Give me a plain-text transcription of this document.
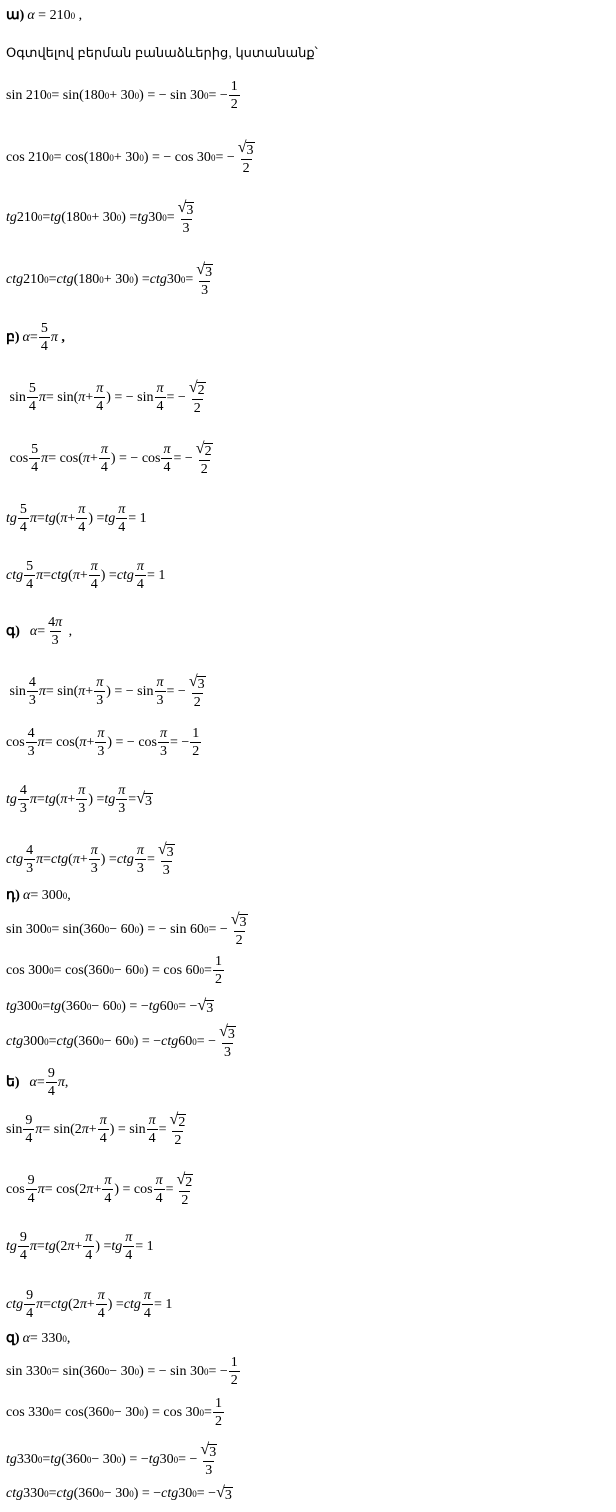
ա) α = 210 0 ,
Օգտվելով բերման բանաձևերից, կստանանք՝
sin 210 0 = sin(180 0 + 30 0 ) = − sin 30 0 = − $\frac{1}{2}$
cos 210 0 = cos(180 0 + 30 0 ) = − cos 30 0 = − $\frac{√ 3}{2}$
tg 210 0 = tg (180 0 + 30 0 ) = tg 30 $0 = \frac{√ 3}{3}$
ctg 210 0 = ctg (180 0 + 30 0 ) = ctg 30 $0 = \frac{√ 3}{3}$
բ) $\alpha = \frac{5}{4}$ π
,
$\sin \frac{5}{4}$ π = sin( $\pi + \frac{\pi}{4}$ ) = − $\sin \frac{\pi}{4}$ = − $\frac{√ 2}{2}$
$\cos \frac{5}{4}$ π = cos( $\pi + \frac{\pi}{4}$ ) = − $\cos \frac{\pi}{4}$ = − $\frac{√ 2}{2}$
tg $\frac{5}{4}$ π = tg ( $\pi + \frac{\pi}{4}$ ) = tg $\frac{\pi}{4} = 1$
ctg $\frac{5}{4}$ π = ctg ( $\pi + \frac{\pi}{4}$ ) = ctg $\frac{\pi}{4} = 1$
գ)
$\alpha = \frac{4\pi}{3}$ ,
$\sin \frac{4}{3}$ π = sin( $\pi + \frac{\pi}{3}$ ) = − $\sin \frac{\pi}{3}$ = − $\frac{√ 3}{2}$
$\cos \frac{4}{3}$ π = cos( $\pi + \frac{\pi}{3}$ ) = − $\cos \frac{\pi}{3}$ = − $\frac{1}{2}$
tg $\frac{4}{3}$ π = tg ( $\pi + \frac{\pi}{3}$ ) = tg $\frac{\pi}{3}$ = √ 3
ctg $\frac{4}{3}$ π = ctg ( $\pi + \frac{\pi}{3}$ ) = ctg $\frac{\pi}{3} = \frac{√ 3}{3}$
դ) α = 300 0 ,
sin 300 0 = sin(360 0 − 60 0 ) = − sin 60 0 = − $\frac{√ 3}{2}$
cos 300 0 = cos(360 0 − 60 0 ) = cos 60 $0 = \frac{1}{2}$
tg 300 0 = tg (360 0 − 60 0 ) = − tg 60 0 = − √ 3
ctg 300 0 = ctg (360 0 − 60 0 ) = − ctg 60 0 = − $\frac{√ 3}{3}$
ե)
$\alpha = \frac{9}{4}$ π ,
$\sin \frac{9}{4}$ π = sin(2 $\pi + \frac{\pi}{4}$ ) = $\sin \frac{\pi}{4} = \frac{√ 2}{2}$
$\cos \frac{9}{4}$ π = cos(2 $\pi + \frac{\pi}{4}$ ) = $\cos \frac{\pi}{4} = \frac{√ 2}{2}$
tg $\frac{9}{4}$ π = tg (2 $\pi + \frac{\pi}{4}$ ) = tg $\frac{\pi}{4} = 1$
ctg $\frac{9}{4}$ π = ctg (2 $\pi + \frac{\pi}{4}$ ) = ctg $\frac{\pi}{4} = 1$
զ) α = 330 0 ,
sin 330 0 = sin(360 0 − 30 0 ) = − sin 30 0 = − $\frac{1}{2}$
cos 330 0 = cos(360 0 − 30 0 ) = cos 30 $0 = \frac{1}{2}$
tg 330 0 = tg (360 0 − 30 0 ) = − tg 30 0 = − $\frac{√ 3}{3}$
ctg 330 0 = ctg (360 0 − 30 0 ) = − ctg 30 0 = − √ 3
